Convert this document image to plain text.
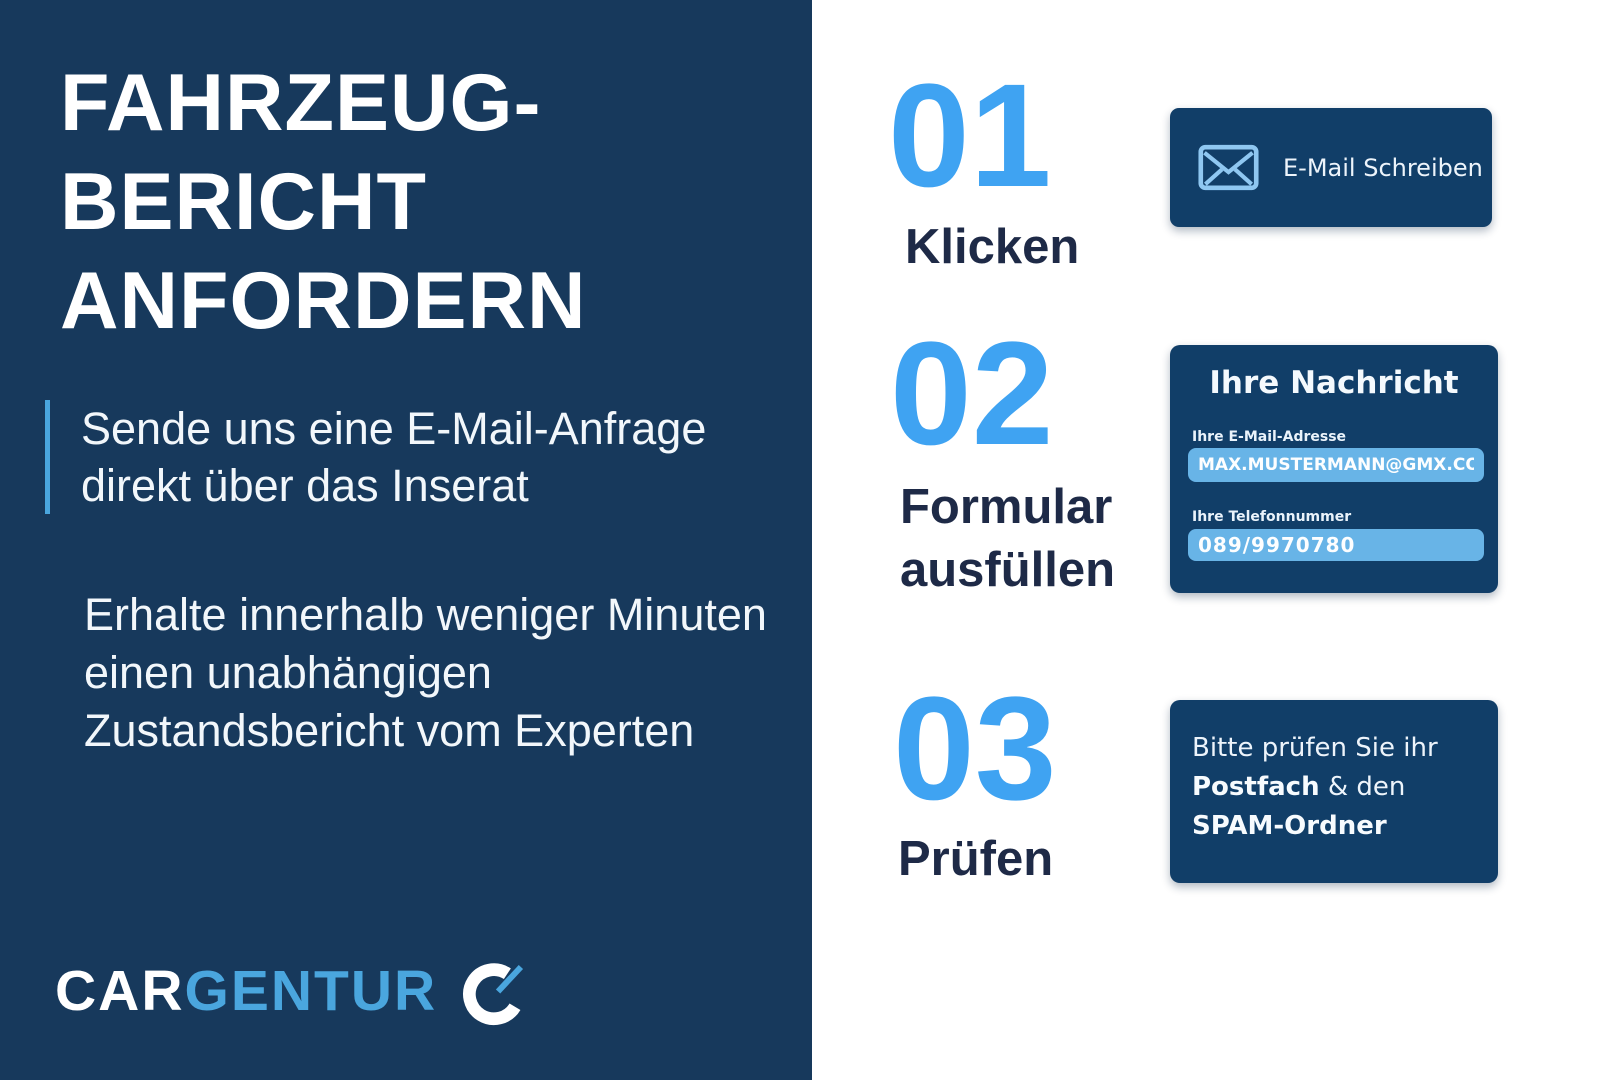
FAHRZEUG-
BERICHT
ANFORDERN
Sende uns eine E-Mail-Anfrage
direkt über das Inserat
Erhalte innerhalb weniger Minuten
einen unabhängigen
Zustandsbericht vom Experten
CARGENTUR
01
Klicken
E-Mail Schreiben
02
Formular
ausfüllen
Ihre Nachricht
Ihre E-Mail-Adresse
MAX.MUSTERMANN@GMX.COM
Ihre Telefonnummer
089/9970780
03
Prüfen
Bitte prüfen Sie ihr
Postfach & den
SPAM-Ordner
